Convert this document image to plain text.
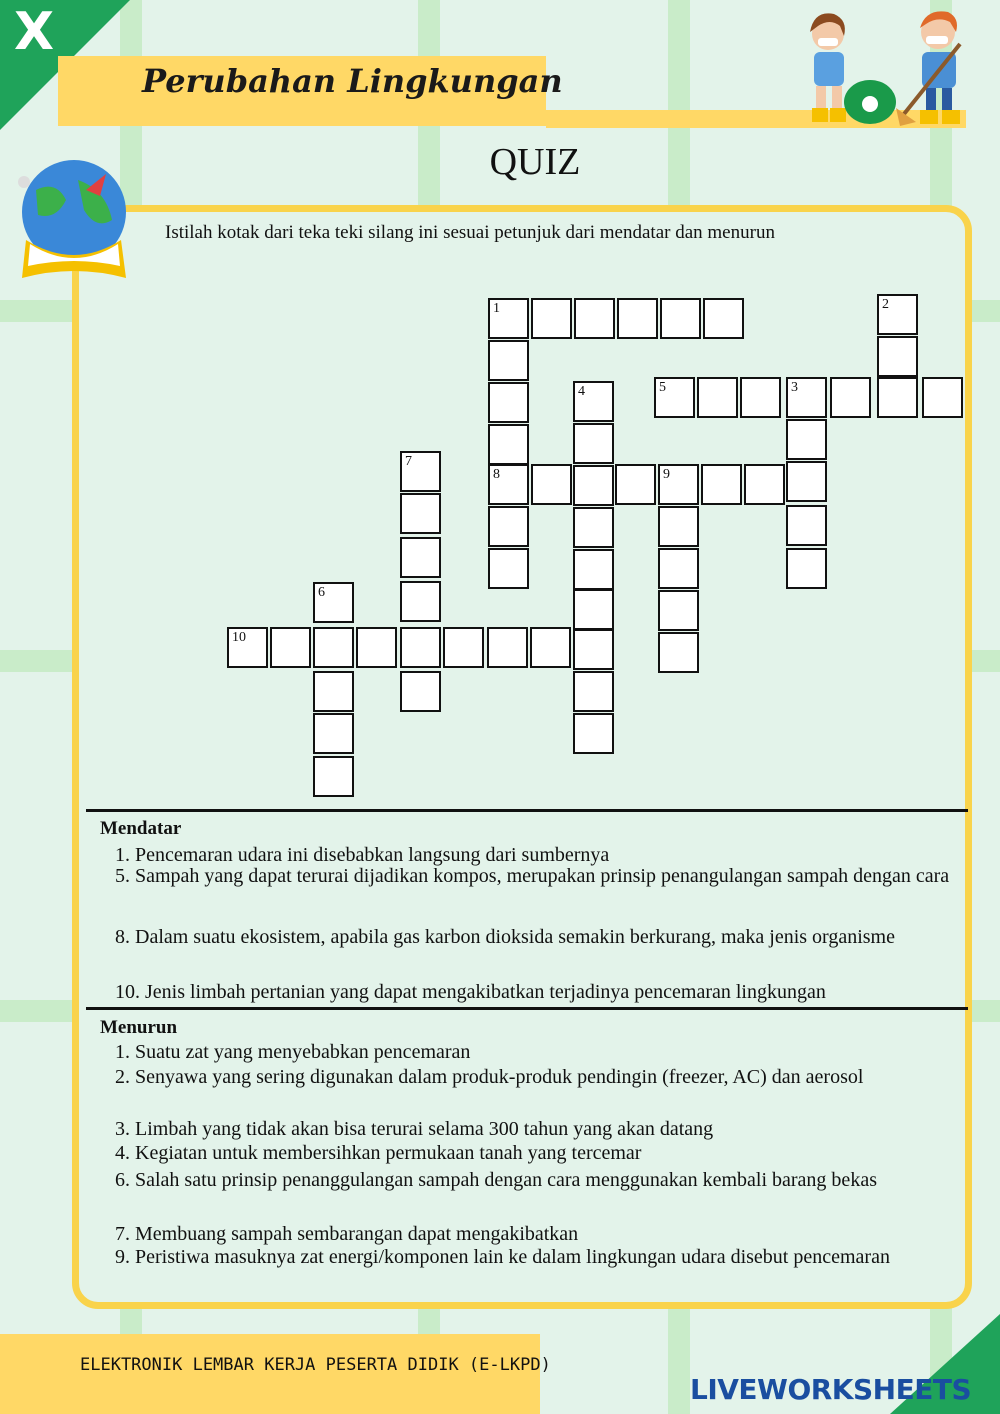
X
Perubahan Lingkungan
QUIZ
Istilah kotak dari teka teki silang ini sesuai petunjuk dari mendatar dan menurun
1
8
2
5	3
4
9
7
6
10
Mendatar
1. Pencemaran udara ini disebabkan langsung dari sumbernya
5. Sampah yang dapat terurai dijadikan kompos, merupakan prinsip penangulangan sampah dengan cara
8. Dalam suatu ekosistem, apabila gas karbon dioksida semakin berkurang, maka jenis organisme
10. Jenis limbah pertanian yang dapat mengakibatkan terjadinya pencemaran lingkungan
Menurun
1. Suatu zat yang menyebabkan pencemaran
2. Senyawa yang sering digunakan dalam produk-produk pendingin (freezer, AC) dan aerosol
3. Limbah yang tidak akan bisa terurai selama 300 tahun yang akan datang
4. Kegiatan untuk membersihkan permukaan tanah yang tercemar
6. Salah satu prinsip penanggulangan sampah dengan cara menggunakan kembali barang bekas
7. Membuang sampah sembarangan dapat mengakibatkan
9. Peristiwa masuknya zat energi/komponen lain ke dalam lingkungan udara disebut pencemaran
ELEKTRONIK LEMBAR KERJA PESERTA DIDIK (E-LKPD)
LIVEWORKSHEETS
